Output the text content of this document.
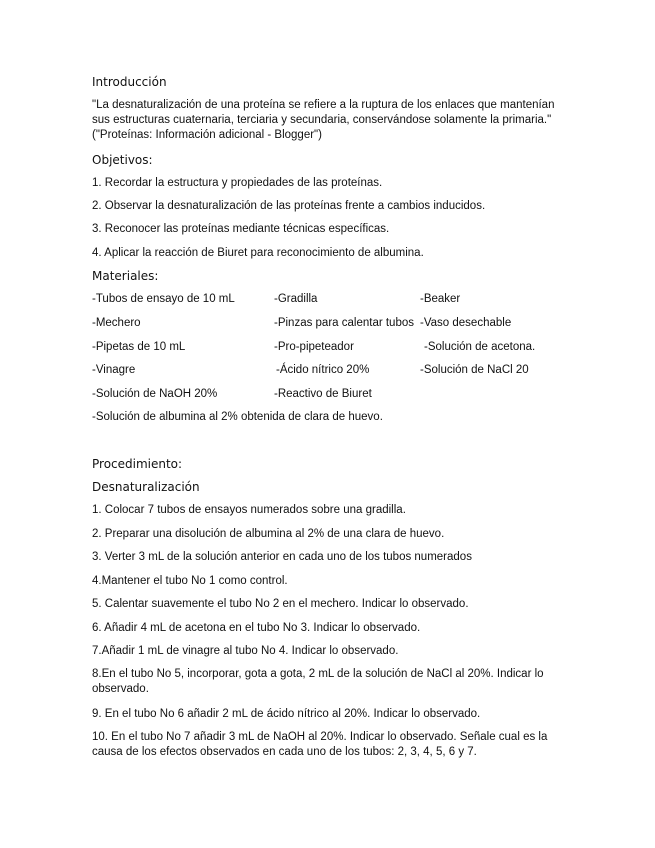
Introducción
"La desnaturalización de una proteína se refiere a la ruptura de los enlaces que mantenían sus estructuras cuaternaria, terciaria y secundaria, conservándose solamente la primaria." ("Proteínas: Información adicional - Blogger")
Objetivos:
1. Recordar la estructura y propiedades de las proteínas.
2. Observar la desnaturalización de las proteínas frente a cambios inducidos.
3. Reconocer las proteínas mediante técnicas específicas.
4. Aplicar la reacción de Biuret para reconocimiento de albumina.
Materiales:
-Tubos de ensayo de 10 mL	-Gradilla	-Beaker
-Mechero	-Pinzas para calentar tubos -Vaso desechable
-Pipetas de 10 mL	-Pro-pipeteador	-Solución de acetona.
-Vinagre	-Ácido nítrico 20%	-Solución de NaCl 20
-Solución de NaOH 20%	-Reactivo de Biuret
-Solución de albumina al 2% obtenida de clara de huevo.
Procedimiento:
Desnaturalización
1. Colocar 7 tubos de ensayos numerados sobre una gradilla.
2. Preparar una disolución de albumina al 2% de una clara de huevo.
3. Verter 3 mL de la solución anterior en cada uno de los tubos numerados
4.Mantener el tubo No 1 como control.
5. Calentar suavemente el tubo No 2 en el mechero. Indicar lo observado.
6. Añadir 4 mL de acetona en el tubo No 3. Indicar lo observado.
7.Añadir 1 mL de vinagre al tubo No 4. Indicar lo observado.
8.En el tubo No 5, incorporar, gota a gota, 2 mL de la solución de NaCl al 20%. Indicar lo observado.
9. En el tubo No 6 añadir 2 mL de ácido nítrico al 20%. Indicar lo observado.
10. En el tubo No 7 añadir 3 mL de NaOH al 20%. Indicar lo observado. Señale cual es la causa de los efectos observados en cada uno de los tubos: 2, 3, 4, 5, 6 y 7.
